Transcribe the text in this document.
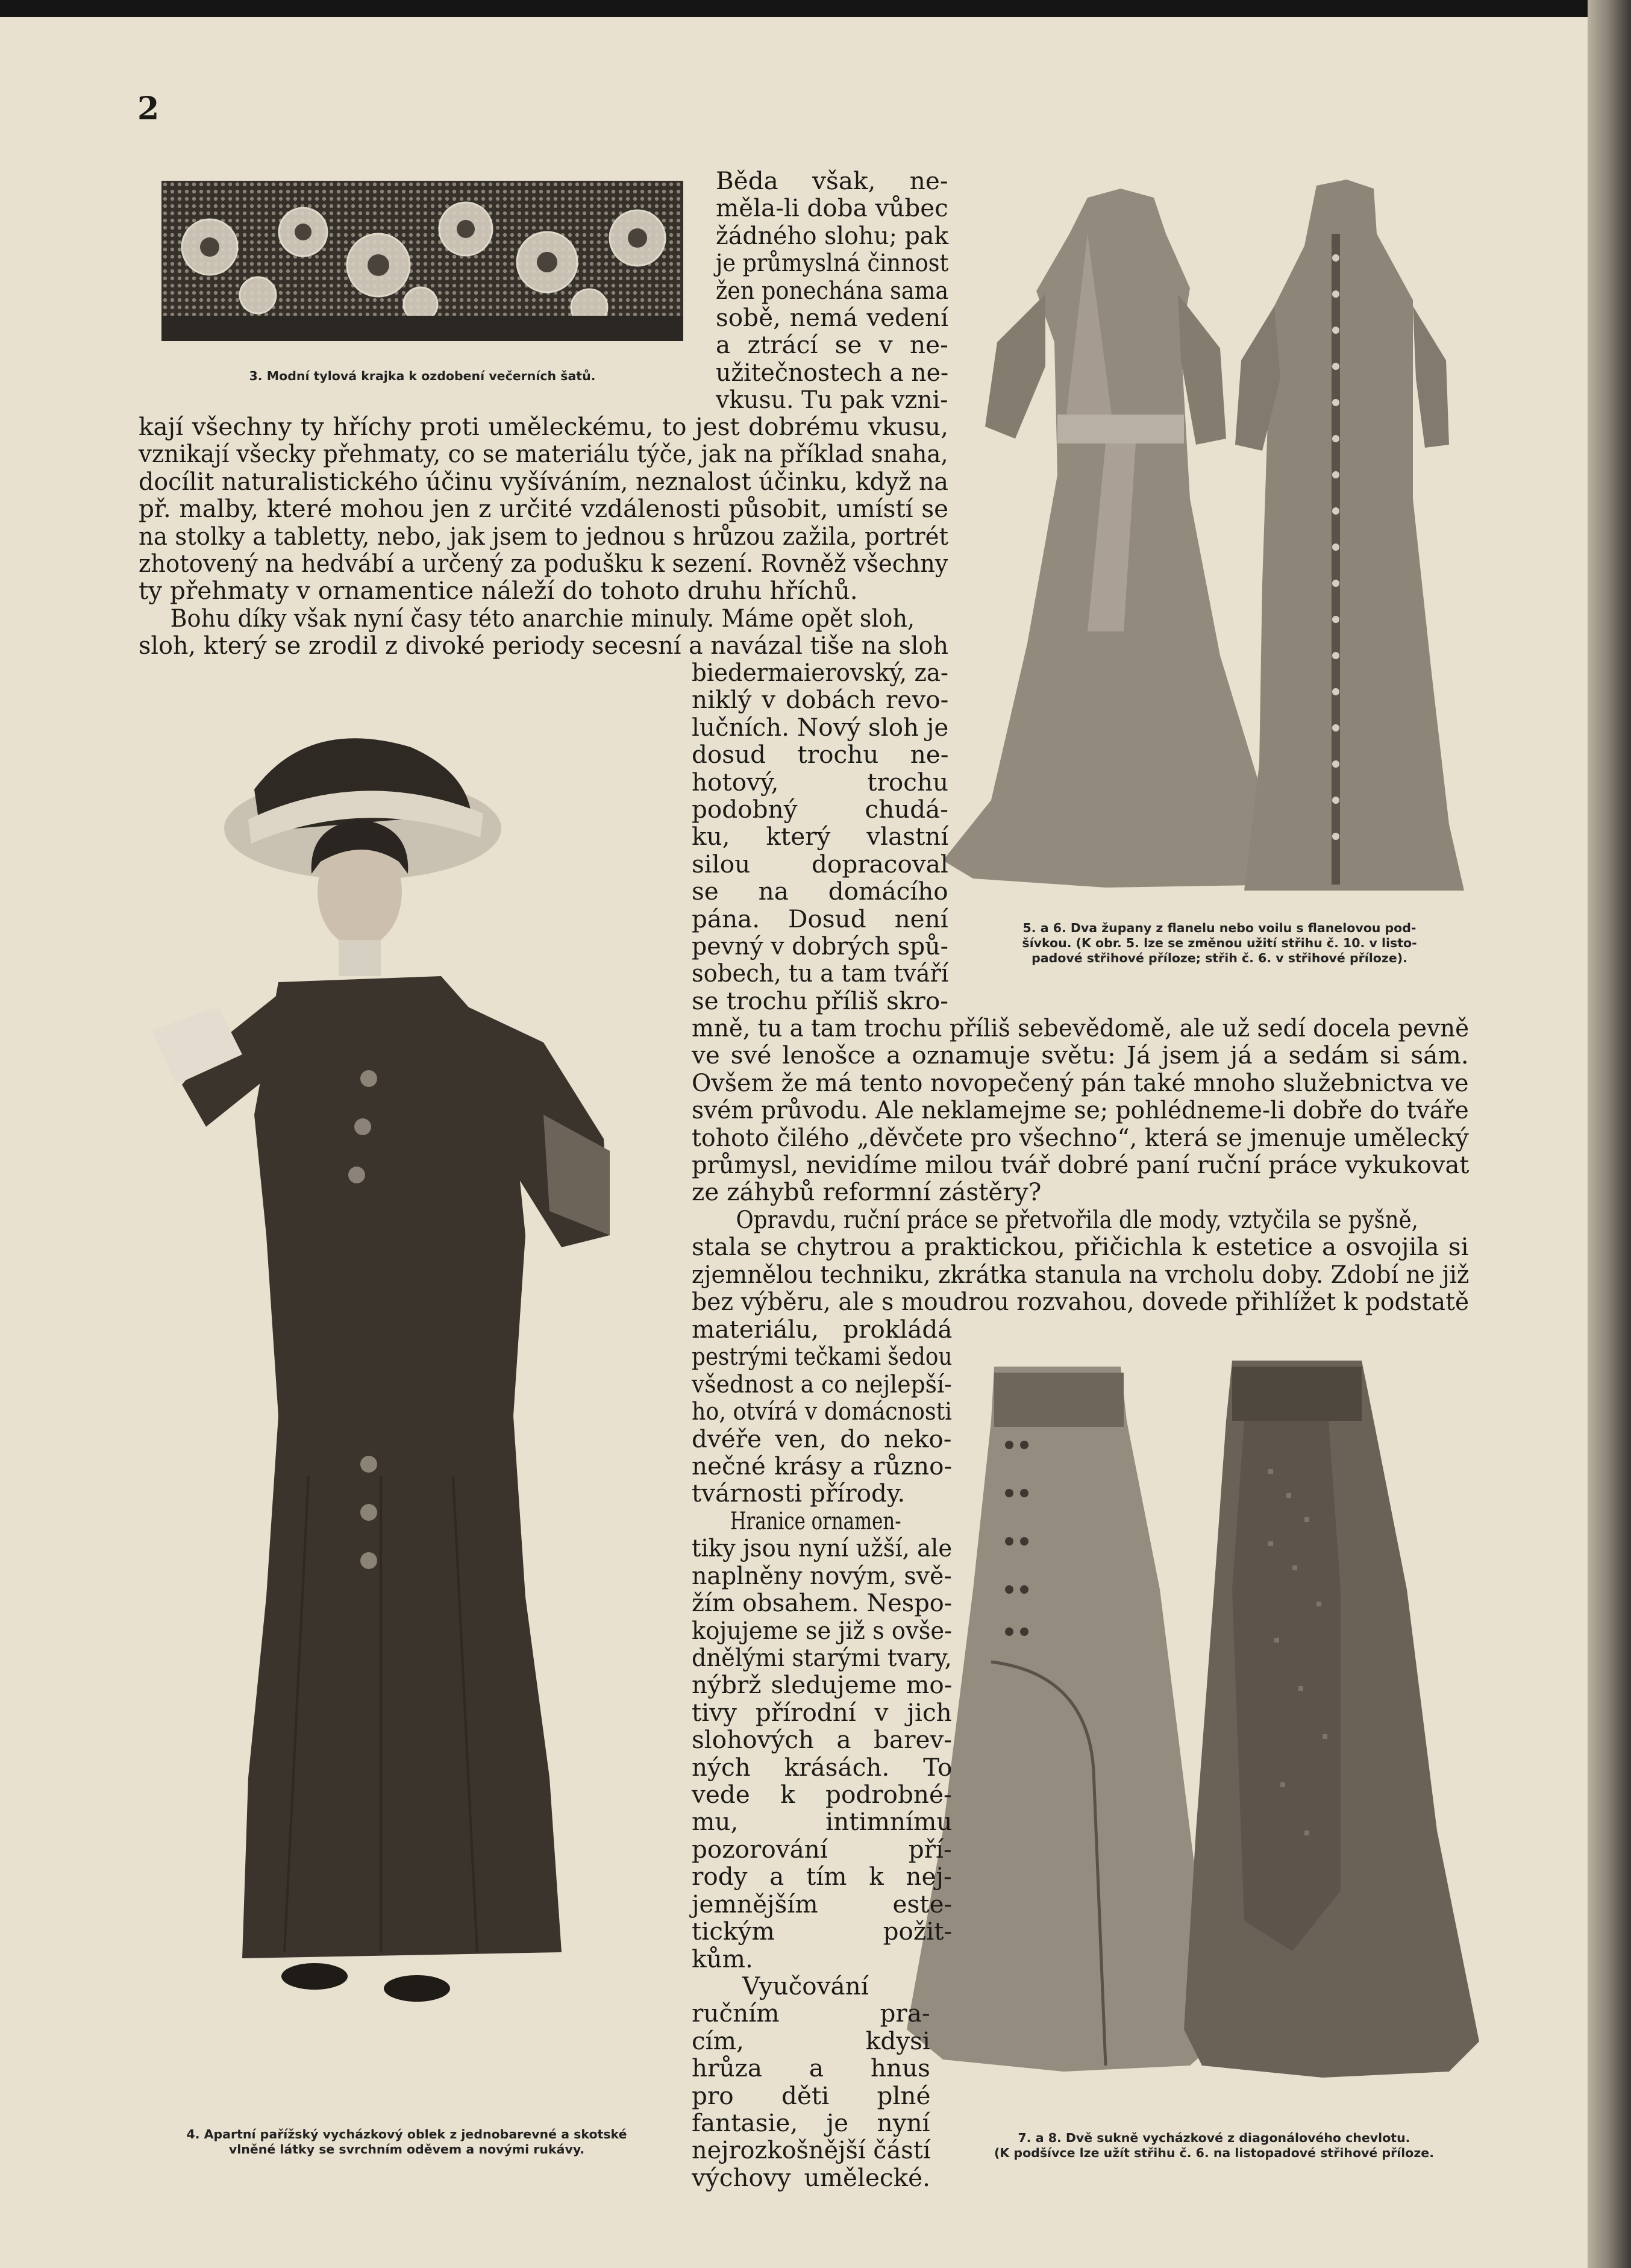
2
3. Modní tylová krajka k ozdobení večerních šatů.
5. a 6. Dva župany z flanelu nebo voilu s flanelovou pod-
šívkou. (K obr. 5. lze se změnou užití střihu č. 10. v listo-
padové střihové příloze; střih č. 6. v střihové příloze).
4. Apartní pařížský vycházkový oblek z jednobarevné a skotské
vlněné látky se svrchním oděvem a novými rukávy.
7. a 8. Dvě sukně vycházkové z diagonálového chevlotu.
(K podšívce lze užít střihu č. 6. na listopadové střihové příloze.
Běda však, ne-
měla-li doba vůbec
žádného slohu; pak
je průmyslná činnost
žen ponechána sama
sobě, nemá vedení
a ztrácí se v ne-
užitečnostech a ne-
vkusu. Tu pak vzni-
kají všechny ty hříchy proti uměleckému, to jest dobrému vkusu,
vznikají všecky přehmaty, co se materiálu týče, jak na příklad snaha,
docílit naturalistického účinu vyšíváním, neznalost účinku, když na
př. malby, které mohou jen z určité vzdálenosti působit, umístí se
na stolky a tabletty, nebo, jak jsem to jednou s hrůzou zažila, portrét
zhotovený na hedvábí a určený za podušku k sezení. Rovněž všechny
ty přehmaty v ornamentice náleží do tohoto druhu hříchů.
Bohu díky však nyní časy této anarchie minuly. Máme opět sloh,
sloh, který se zrodil z divoké periody secesní a navázal tiše na sloh
biedermaierovský, za-
niklý v dobách revo-
lučních. Nový sloh je
dosud trochu ne-
hotový, trochu
podobný chudá-
ku, který vlastní
silou dopracoval
se na domácího
pána. Dosud není
pevný v dobrých spů-
sobech, tu a tam tváří
se trochu příliš skro-
mně, tu a tam trochu příliš sebevědomě, ale už sedí docela pevně
ve své lenošce a oznamuje světu: Já jsem já a sedám si sám.
Ovšem že má tento novopečený pán také mnoho služebnictva ve
svém průvodu. Ale neklamejme se; pohlédneme-li dobře do tváře
tohoto čilého „děvčete pro všechno“, která se jmenuje umělecký
průmysl, nevidíme milou tvář dobré paní ruční práce vykukovat
ze záhybů reformní zástěry?
Opravdu, ruční práce se přetvořila dle mody, vztyčila se pyšně,
stala se chytrou a praktickou, přičichla k estetice a osvojila si
zjemnělou techniku, zkrátka stanula na vrcholu doby. Zdobí ne již
bez výběru, ale s moudrou rozvahou, dovede přihlížet k podstatě
materiálu, prokládá
pestrými tečkami šedou
všednost a co nejlepší-
ho, otvírá v domácnosti
dvéře ven, do neko-
nečné krásy a různo-
tvárnosti přírody.
Hranice ornamen-
tiky jsou nyní užší, ale
naplněny novým, svě-
žím obsahem. Nespo-
kojujeme se již s ovše-
dnělými starými tvary,
nýbrž sledujeme mo-
tivy přírodní v jich
slohových a barev-
ných krásách. To
vede k podrobné-
mu, intimnímu
pozorování pří-
rody a tím k nej-
jemnějším este-
tickým požit-
kům.
Vyučování
ručním pra-
cím, kdysi
hrůza a hnus
pro děti plné
fantasie, je nyní
nejrozkošnější částí
výchovy umělecké.
